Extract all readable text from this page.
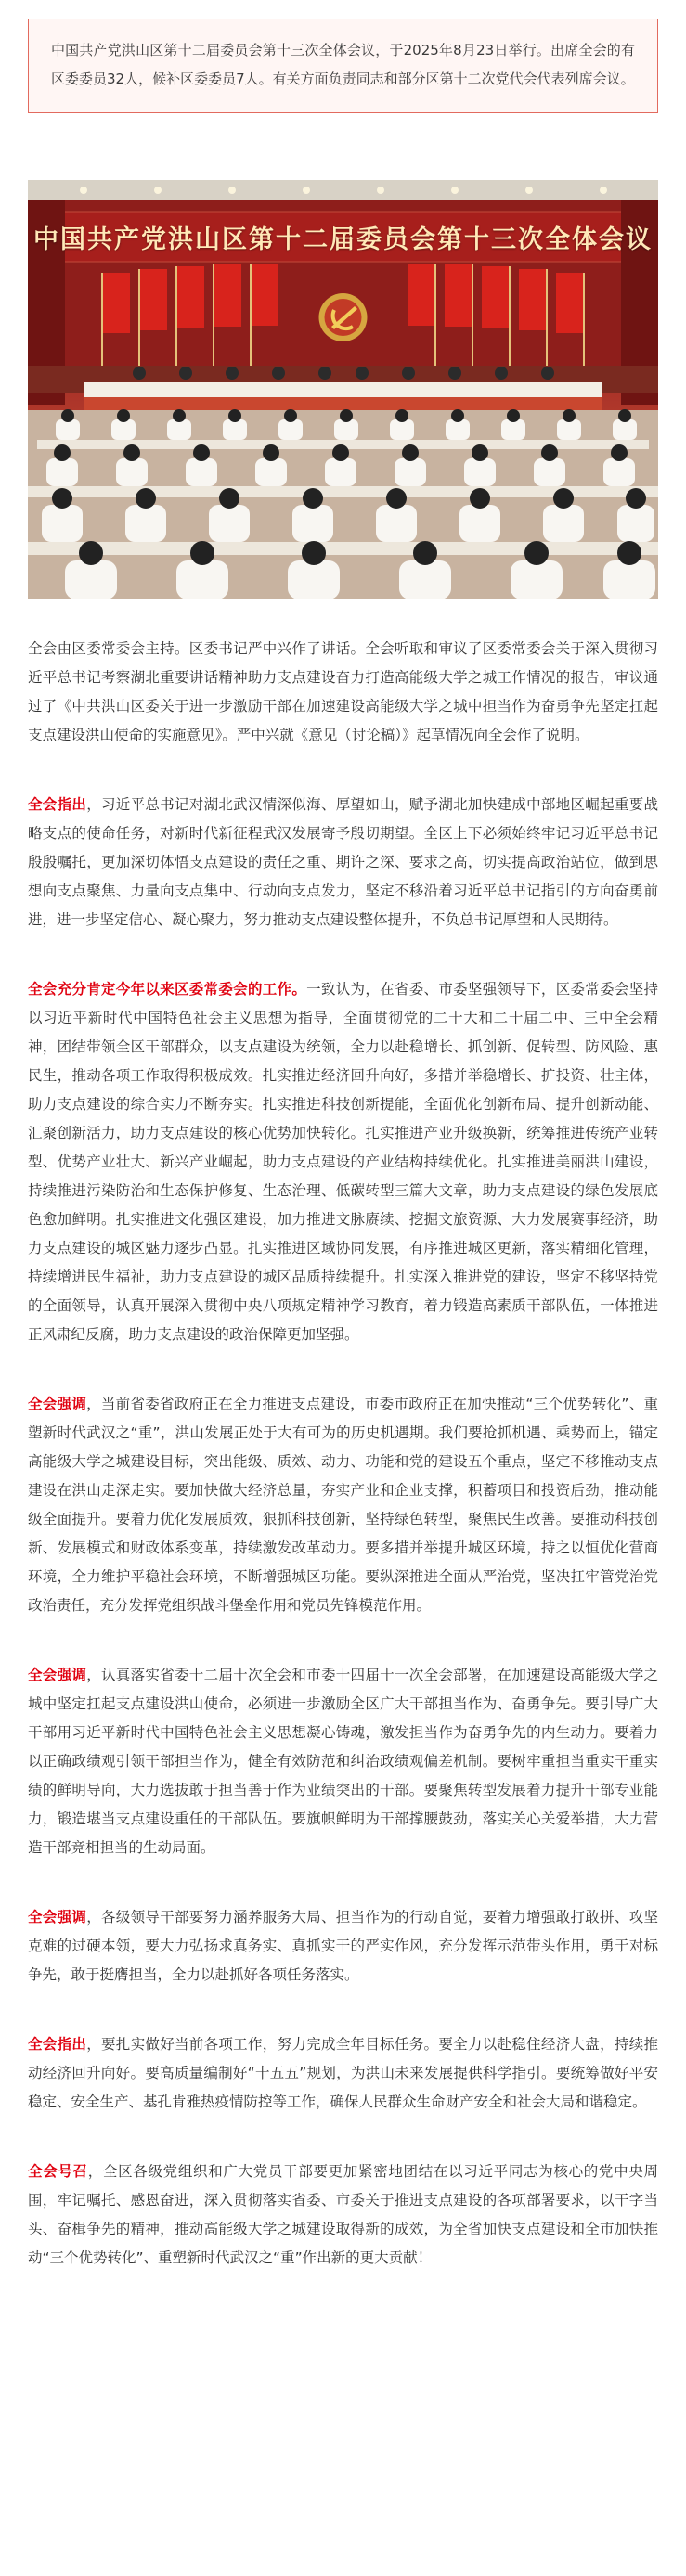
中国共产党洪山区第十二届委员会第十三次全体会议，于2025年8月23日举行。出席全会的有区委委员32人，候补区委委员7人。有关方面负责同志和部分区第十二次党代会代表列席会议。
中国共产党洪山区第十二届委员会第十三次全体会议

全会由区委常委会主持。区委书记严中兴作了讲话。全会听取和审议了区委常委会关于深入贯彻习近平总书记考察湖北重要讲话精神助力支点建设奋力打造高能级大学之城工作情况的报告，审议通过了《中共洪山区委关于进一步激励干部在加速建设高能级大学之城中担当作为奋勇争先坚定扛起支点建设洪山使命的实施意见》。严中兴就《意见（讨论稿）》起草情况向全会作了说明。

全会指出，习近平总书记对湖北武汉情深似海、厚望如山，赋予湖北加快建成中部地区崛起重要战略支点的使命任务，对新时代新征程武汉发展寄予殷切期望。全区上下必须始终牢记习近平总书记殷殷嘱托，更加深切体悟支点建设的责任之重、期许之深、要求之高，切实提高政治站位，做到思想向支点聚焦、力量向支点集中、行动向支点发力，坚定不移沿着习近平总书记指引的方向奋勇前进，进一步坚定信心、凝心聚力，努力推动支点建设整体提升，不负总书记厚望和人民期待。

全会充分肯定今年以来区委常委会的工作。一致认为，在省委、市委坚强领导下，区委常委会坚持以习近平新时代中国特色社会主义思想为指导，全面贯彻党的二十大和二十届二中、三中全会精神，团结带领全区干部群众，以支点建设为统领，全力以赴稳增长、抓创新、促转型、防风险、惠民生，推动各项工作取得积极成效。扎实推进经济回升向好，多措并举稳增长、扩投资、壮主体，助力支点建设的综合实力不断夯实。扎实推进科技创新提能，全面优化创新布局、提升创新动能、汇聚创新活力，助力支点建设的核心优势加快转化。扎实推进产业升级换新，统筹推进传统产业转型、优势产业壮大、新兴产业崛起，助力支点建设的产业结构持续优化。扎实推进美丽洪山建设，持续推进污染防治和生态保护修复、生态治理、低碳转型三篇大文章，助力支点建设的绿色发展底色愈加鲜明。扎实推进文化强区建设，加力推进文脉赓续、挖掘文旅资源、大力发展赛事经济，助力支点建设的城区魅力逐步凸显。扎实推进区域协同发展，有序推进城区更新，落实精细化管理，持续增进民生福祉，助力支点建设的城区品质持续提升。扎实深入推进党的建设，坚定不移坚持党的全面领导，认真开展深入贯彻中央八项规定精神学习教育，着力锻造高素质干部队伍，一体推进正风肃纪反腐，助力支点建设的政治保障更加坚强。

全会强调，当前省委省政府正在全力推进支点建设，市委市政府正在加快推动“三个优势转化”、重塑新时代武汉之“重”，洪山发展正处于大有可为的历史机遇期。我们要抢抓机遇、乘势而上，锚定高能级大学之城建设目标，突出能级、质效、动力、功能和党的建设五个重点，坚定不移推动支点建设在洪山走深走实。要加快做大经济总量，夯实产业和企业支撑，积蓄项目和投资后劲，推动能级全面提升。要着力优化发展质效，狠抓科技创新，坚持绿色转型，聚焦民生改善。要推动科技创新、发展模式和财政体系变革，持续激发改革动力。要多措并举提升城区环境，持之以恒优化营商环境，全力维护平稳社会环境，不断增强城区功能。要纵深推进全面从严治党，坚决扛牢管党治党政治责任，充分发挥党组织战斗堡垒作用和党员先锋模范作用。

全会强调，认真落实省委十二届十次全会和市委十四届十一次全会部署，在加速建设高能级大学之城中坚定扛起支点建设洪山使命，必须进一步激励全区广大干部担当作为、奋勇争先。要引导广大干部用习近平新时代中国特色社会主义思想凝心铸魂，激发担当作为奋勇争先的内生动力。要着力以正确政绩观引领干部担当作为，健全有效防范和纠治政绩观偏差机制。要树牢重担当重实干重实绩的鲜明导向，大力选拔敢于担当善于作为业绩突出的干部。要聚焦转型发展着力提升干部专业能力，锻造堪当支点建设重任的干部队伍。要旗帜鲜明为干部撑腰鼓劲，落实关心关爱举措，大力营造干部竞相担当的生动局面。

全会强调，各级领导干部要努力涵养服务大局、担当作为的行动自觉，要着力增强敢打敢拼、攻坚克难的过硬本领，要大力弘扬求真务实、真抓实干的严实作风，充分发挥示范带头作用，勇于对标争先，敢于挺膺担当，全力以赴抓好各项任务落实。

全会指出，要扎实做好当前各项工作，努力完成全年目标任务。要全力以赴稳住经济大盘，持续推动经济回升向好。要高质量编制好“十五五”规划，为洪山未来发展提供科学指引。要统筹做好平安稳定、安全生产、基孔肯雅热疫情防控等工作，确保人民群众生命财产安全和社会大局和谐稳定。

全会号召，全区各级党组织和广大党员干部要更加紧密地团结在以习近平同志为核心的党中央周围，牢记嘱托、感恩奋进，深入贯彻落实省委、市委关于推进支点建设的各项部署要求，以干字当头、奋楫争先的精神，推动高能级大学之城建设取得新的成效，为全省加快支点建设和全市加快推动“三个优势转化”、重塑新时代武汉之“重”作出新的更大贡献！
